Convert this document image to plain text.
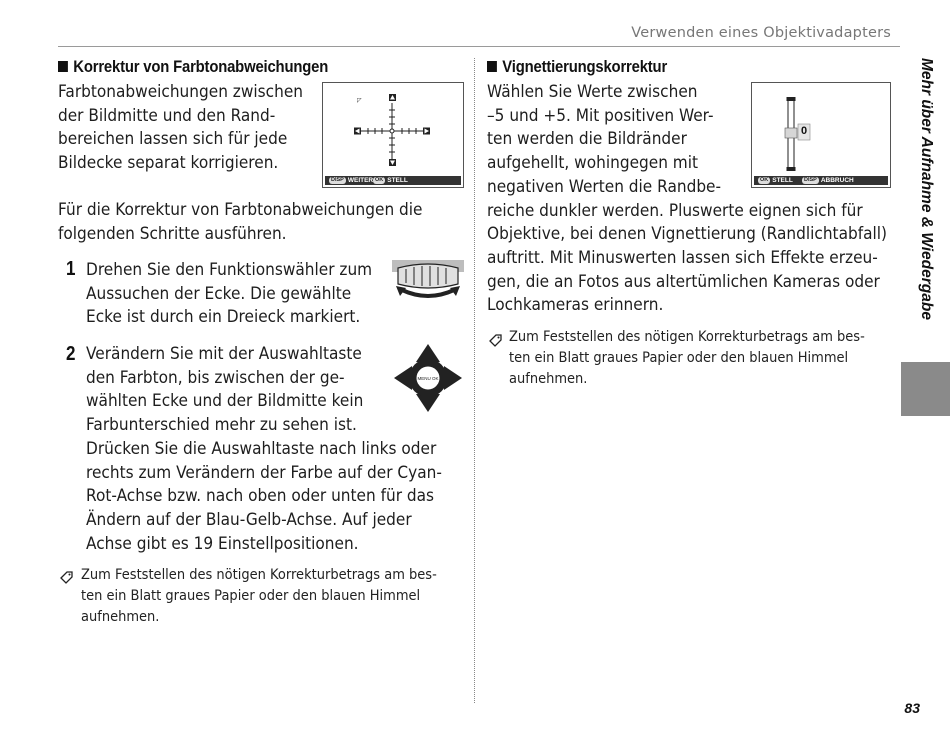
Verwenden eines Objektivadapters
Mehr über Aufnahme & Wiedergabe
Korrektur von Farbtonabweichungen
Farbtonabweichungen zwischen
der Bildmitte und den Rand-
bereichen lassen sich für jede
Bildecke separat korrigieren.
◸
DISP WEITER OK STELL
Für die Korrektur von Farbtonabweichungen die
folgenden Schritte ausführen.
1 Drehen Sie den Funktionswähler zum
Aussuchen der Ecke. Die gewählte
Ecke ist durch ein Dreieck markiert.
2 Verändern Sie mit der Auswahltaste
den Farbton, bis zwischen der ge-
wählten Ecke und der Bildmitte kein
Farbunterschied mehr zu sehen ist.
Drücken Sie die Auswahltaste nach links oder
rechts zum Verändern der Farbe auf der Cyan-
Rot-Achse bzw. nach oben oder unten für das
Ändern auf der Blau-Gelb-Achse. Auf jeder
Achse gibt es 19 Einstellpositionen.
MENU OK
Zum Feststellen des nötigen Korrekturbetrags am bes-
ten ein Blatt graues Papier oder den blauen Himmel
aufnehmen.
Vignettierungskorrektur
Wählen Sie Werte zwischen
–5 und +5. Mit positiven Wer-
ten werden die Bildränder
aufgehellt, wohingegen mit
negativen Werten die Randbe-
reiche dunkler werden. Pluswerte eignen sich für
Objektive, bei denen Vignettierung (Randlichtabfall)
auftritt. Mit Minuswerten lassen sich Effekte erzeu-
gen, die an Fotos aus altertümlichen Kameras oder
Lochkameras erinnern.
0
OK STELL	DISP ABBRUCH
Zum Feststellen des nötigen Korrekturbetrags am bes-
ten ein Blatt graues Papier oder den blauen Himmel
aufnehmen.
83
